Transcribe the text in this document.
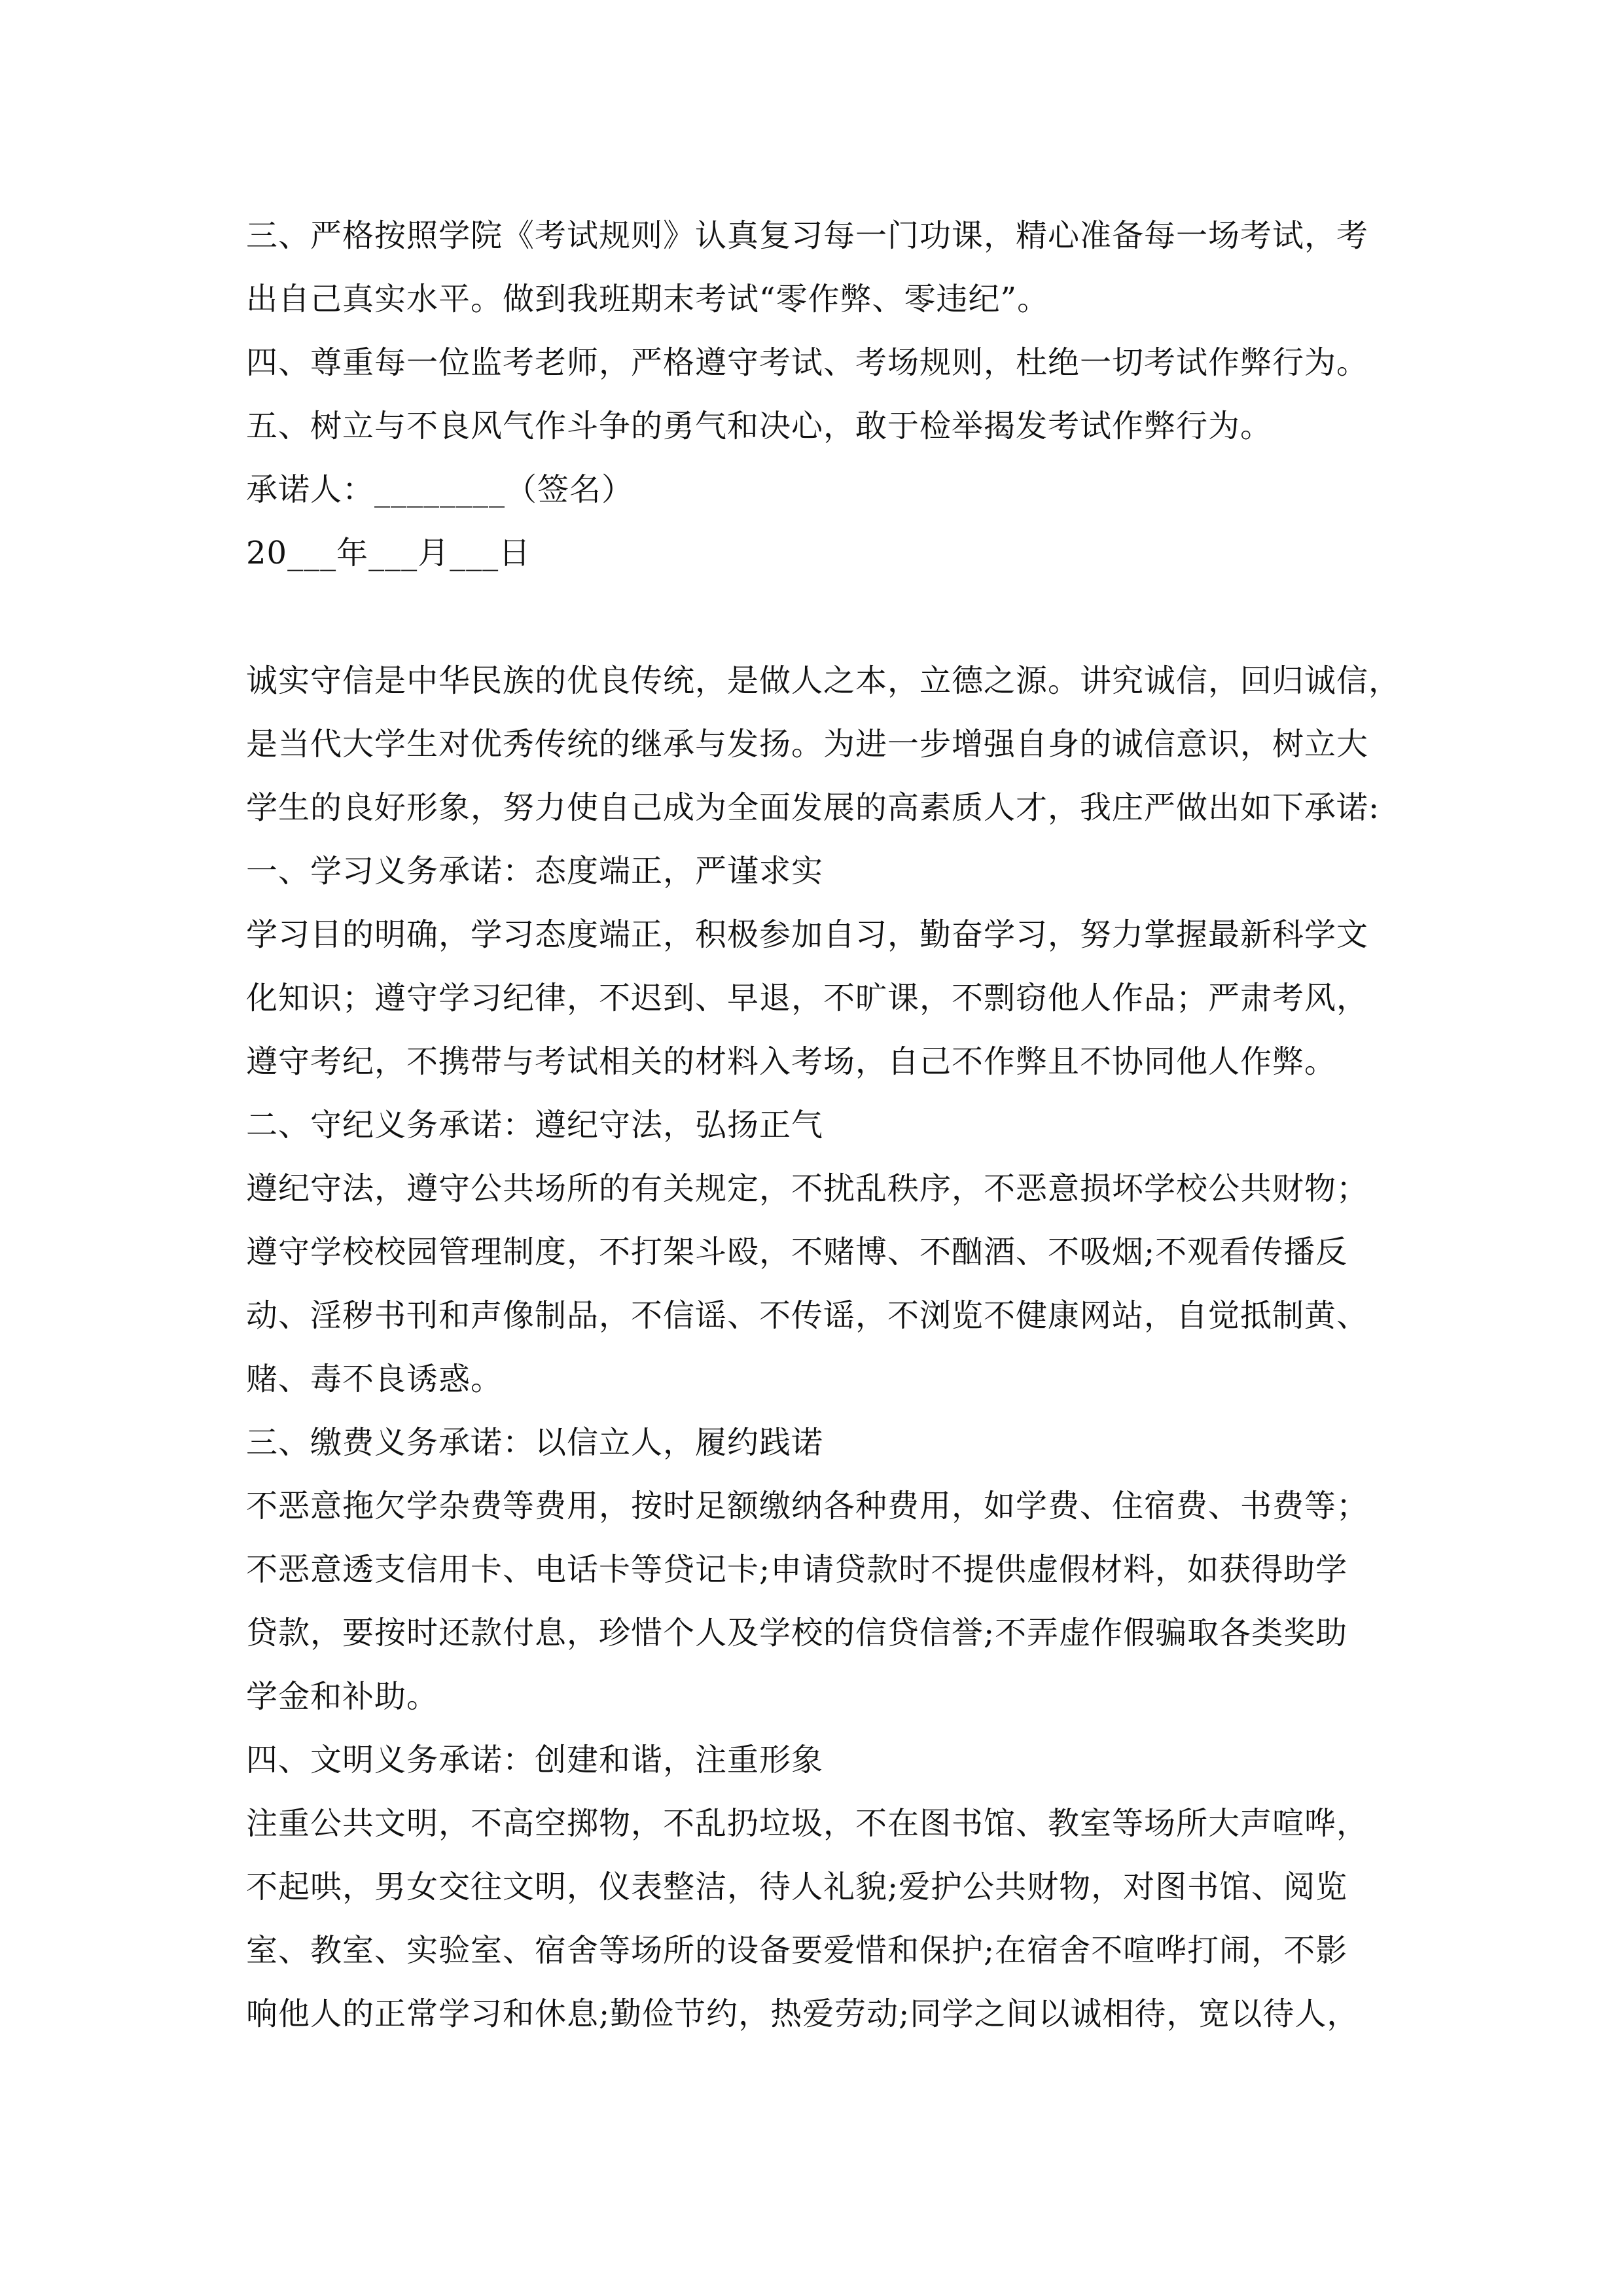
三、严格按照学院《考试规则》认真复习每一门功课，精心准备每一场考试，考
出自己真实水平。做到我班期末考试“零作弊、零违纪”。
四、尊重每一位监考老师，严格遵守考试、考场规则，杜绝一切考试作弊行为。
五、树立与不良风气作斗争的勇气和决心，敢于检举揭发考试作弊行为。
承诺人：________（签名）
20___年___月___日
诚实守信是中华民族的优良传统，是做人之本，立德之源。讲究诚信，回归诚信，
是当代大学生对优秀传统的继承与发扬。为进一步增强自身的诚信意识，树立大
学生的良好形象，努力使自己成为全面发展的高素质人才，我庄严做出如下承诺:
一、学习义务承诺：态度端正，严谨求实
学习目的明确，学习态度端正，积极参加自习，勤奋学习，努力掌握最新科学文
化知识；遵守学习纪律，不迟到、早退，不旷课，不剽窃他人作品；严肃考风，
遵守考纪，不携带与考试相关的材料入考场，自己不作弊且不协同他人作弊。
二、守纪义务承诺：遵纪守法，弘扬正气
遵纪守法，遵守公共场所的有关规定，不扰乱秩序，不恶意损坏学校公共财物；
遵守学校校园管理制度，不打架斗殴，不赌博、不酗酒、不吸烟;不观看传播反
动、淫秽书刊和声像制品，不信谣、不传谣，不浏览不健康网站，自觉抵制黄、
赌、毒不良诱惑。
三、缴费义务承诺：以信立人，履约践诺
不恶意拖欠学杂费等费用，按时足额缴纳各种费用，如学费、住宿费、书费等；
不恶意透支信用卡、电话卡等贷记卡;申请贷款时不提供虚假材料，如获得助学
贷款，要按时还款付息，珍惜个人及学校的信贷信誉;不弄虚作假骗取各类奖助
学金和补助。
四、文明义务承诺：创建和谐，注重形象
注重公共文明，不高空掷物，不乱扔垃圾，不在图书馆、教室等场所大声喧哗，
不起哄，男女交往文明，仪表整洁，待人礼貌;爱护公共财物，对图书馆、阅览
室、教室、实验室、宿舍等场所的设备要爱惜和保护;在宿舍不喧哗打闹，不影
响他人的正常学习和休息;勤俭节约，热爱劳动;同学之间以诚相待，宽以待人，
